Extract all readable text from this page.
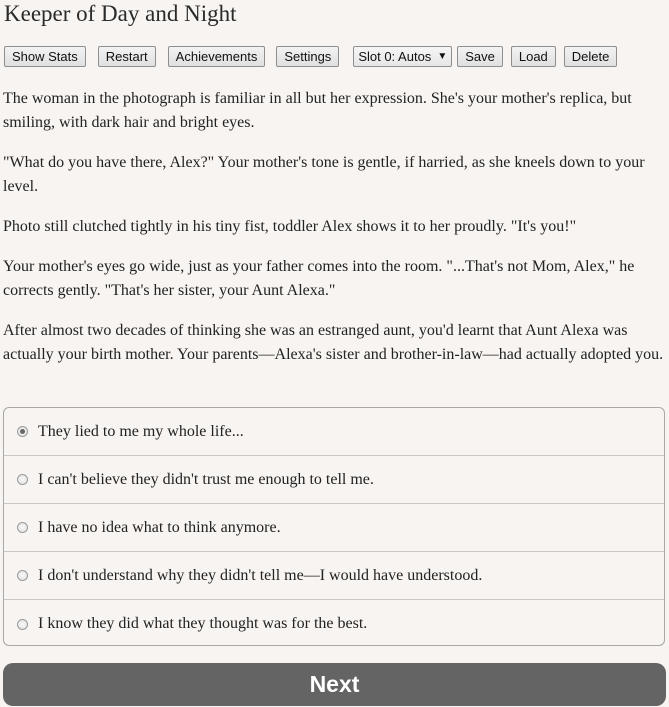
Keeper of Day and Night
Show Stats	Restart	Achievements	Settings	Slot 0: Autos ▼	Save	Load	Delete

The woman in the photograph is familiar in all but her expression. She's your mother's replica, but smiling, with dark hair and bright eyes.

"What do you have there, Alex?" Your mother's tone is gentle, if harried, as she kneels down to your level.

Photo still clutched tightly in his tiny fist, toddler Alex shows it to her proudly. "It's you!"

Your mother's eyes go wide, just as your father comes into the room. "...That's not Mom, Alex," he corrects gently. "That's her sister, your Aunt Alexa."

After almost two decades of thinking she was an estranged aunt, you'd learnt that Aunt Alexa was actually your birth mother. Your parents—Alexa's sister and brother-in-law—had actually adopted you.

They lied to me my whole life...
I can't believe they didn't trust me enough to tell me.
I have no idea what to think anymore.
I don't understand why they didn't tell me—I would have understood.
I know they did what they thought was for the best.
Next
